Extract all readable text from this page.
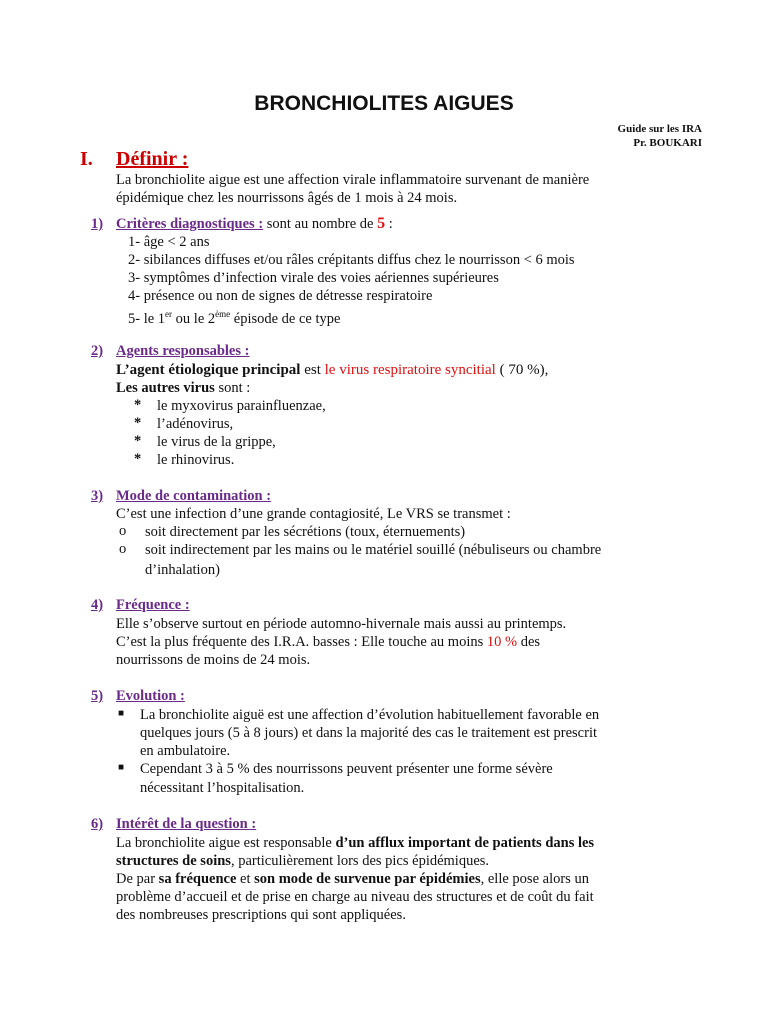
BRONCHIOLITES AIGUES
Guide sur les IRA
Pr. BOUKARI
I. Définir :
La bronchiolite aigue est une affection virale inflammatoire survenant de manière
épidémique chez les nourrissons âgés de 1 mois à 24 mois.
1) Critères diagnostiques : sont au nombre de 5 :
1- âge < 2 ans
2- sibilances diffuses et/ou râles crépitants diffus chez le nourrisson < 6 mois
3- symptômes d’infection virale des voies aériennes supérieures
4- présence ou non de signes de détresse respiratoire
5- le 1er ou le 2ème épisode de ce type
2) Agents responsables :
L’agent étiologique principal est le virus respiratoire syncitial ( 70 %),
Les autres virus sont :
* le myxovirus parainfluenzae,
* l’adénovirus,
* le virus de la grippe,
* le rhinovirus.
3) Mode de contamination :
C’est une infection d’une grande contagiosité, Le VRS se transmet :
o soit directement par les sécrétions (toux, éternuements)
o soit indirectement par les mains ou le matériel souillé (nébuliseurs ou chambre
d’inhalation)
4) Fréquence :
Elle s’observe surtout en période automno-hivernale mais aussi au printemps.
C’est la plus fréquente des I.R.A. basses : Elle touche au moins 10 % des
nourrissons de moins de 24 mois.
5) Evolution :
■ La bronchiolite aiguë est une affection d’évolution habituellement favorable en
quelques jours (5 à 8 jours) et dans la majorité des cas le traitement est prescrit
en ambulatoire.
■ Cependant 3 à 5 % des nourrissons peuvent présenter une forme sévère
nécessitant l’hospitalisation.
6) Intérêt de la question :
La bronchiolite aigue est responsable d’un afflux important de patients dans les
structures de soins, particulièrement lors des pics épidémiques.
De par sa fréquence et son mode de survenue par épidémies, elle pose alors un
problème d’accueil et de prise en charge au niveau des structures et de coût du fait
des nombreuses prescriptions qui sont appliquées.
